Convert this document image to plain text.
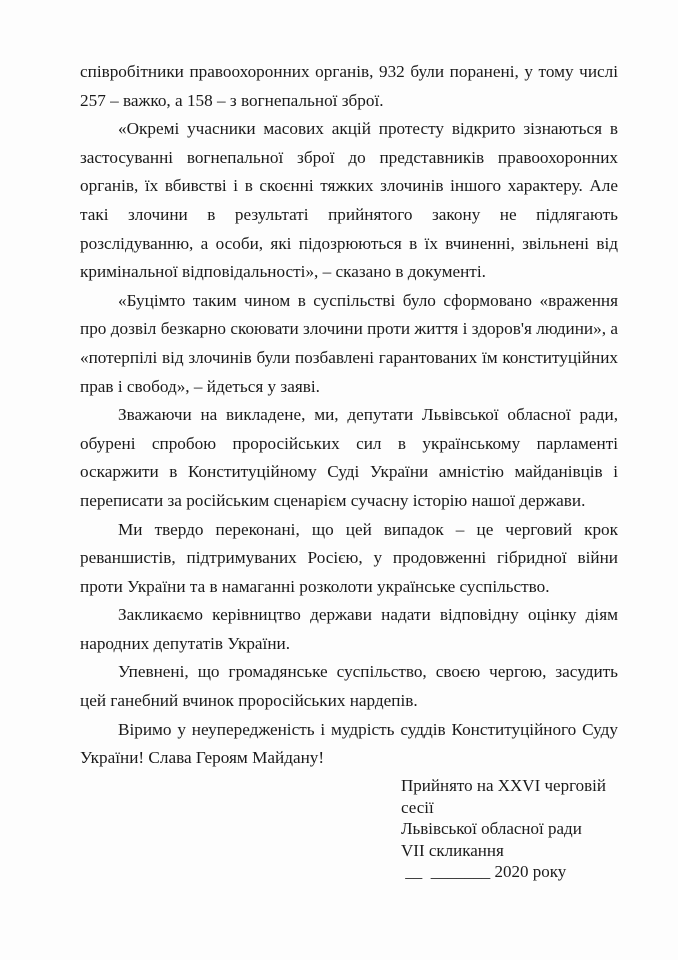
співробітники правоохоронних органів, 932 були поранені, у тому числі 257 – важко, а 158 – з вогнепальної зброї.

«Окремі учасники масових акцій протесту відкрито зізнаються в застосуванні вогнепальної зброї до представників правоохоронних органів, їх вбивстві і в скоєнні тяжких злочинів іншого характеру. Але такі злочини в результаті прийнятого закону не підлягають розслідуванню, а особи, які підозрюються в їх вчиненні, звільнені від кримінальної відповідальності», – сказано в документі.

«Буцімто таким чином в суспільстві було сформовано «враження про дозвіл безкарно скоювати злочини проти життя і здоров'я людини», а «потерпілі від злочинів були позбавлені гарантованих їм конституційних прав і свобод», – йдеться у заяві.

Зважаючи на викладене, ми, депутати Львівської обласної ради, обурені спробою проросійських сил в українському парламенті оскаржити в Конституційному Суді України амністію майданівців і переписати за російським сценарієм сучасну історію нашої держави.

Ми твердо переконані, що цей випадок – це черговий крок реваншистів, підтримуваних Росією, у продовженні гібридної війни проти України та в намаганні розколоти українське суспільство.

Закликаємо керівництво держави надати відповідну оцінку діям народних депутатів України.

Упевнені, що громадянське суспільство, своєю чергою, засудить цей ганебний вчинок проросійських нардепів.

Віримо у неупередженість і мудрість суддів Конституційного Суду України! Слава Героям Майдану!

Прийнято на XXVI черговій
сесії
Львівської обласної ради
VII скликання
__  _______ 2020 року
